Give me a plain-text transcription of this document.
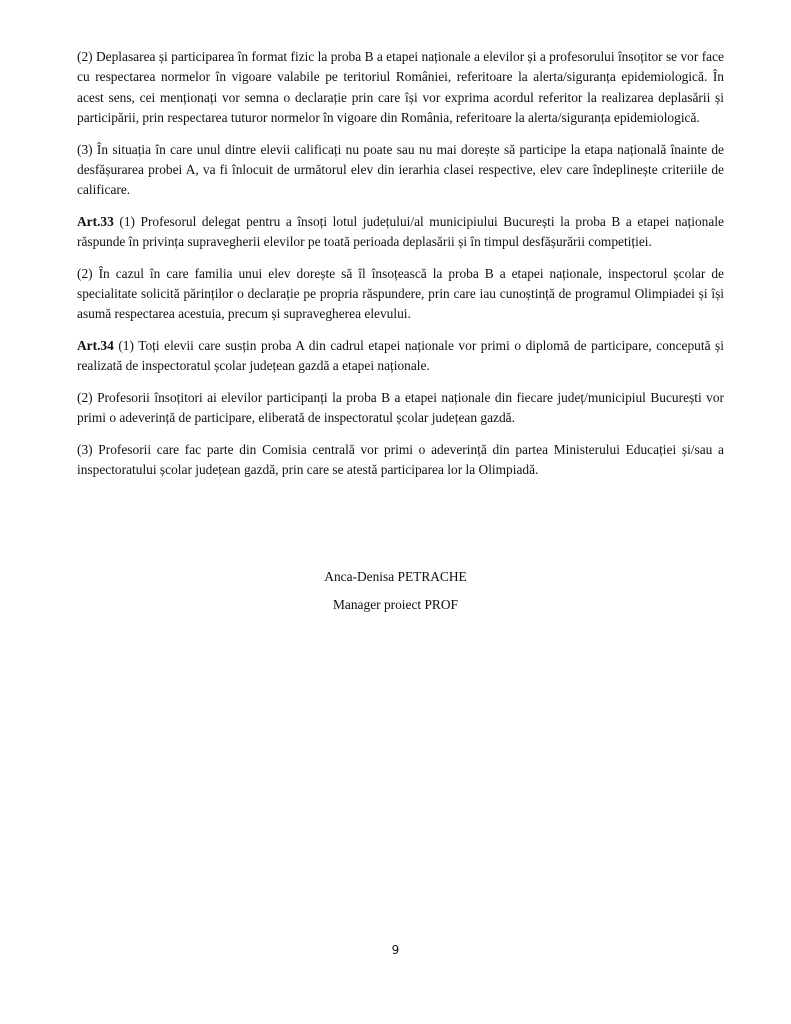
(2) Deplasarea și participarea în format fizic la proba B a etapei naționale a elevilor și a profesorului însoțitor se vor face cu respectarea normelor în vigoare valabile pe teritoriul României, referitoare la alerta/siguranța epidemiologică. În acest sens, cei menționați vor semna o declarație prin care își vor exprima acordul referitor la realizarea deplasării și participării, prin respectarea tuturor normelor în vigoare din România, referitoare la alerta/siguranța epidemiologică.

(3) În situația în care unul dintre elevii calificați nu poate sau nu mai dorește să participe la etapa națională înainte de desfășurarea probei A, va fi înlocuit de următorul elev din ierarhia clasei respective, elev care îndeplinește criteriile de calificare.

Art.33 (1) Profesorul delegat pentru a însoți lotul județului/al municipiului București la proba B a etapei naționale răspunde în privința supravegherii elevilor pe toată perioada deplasării și în timpul desfășurării competiției.

(2) În cazul în care familia unui elev dorește să îl însoțească la proba B a etapei naționale, inspectorul școlar de specialitate solicită părinților o declarație pe propria răspundere, prin care iau cunoștință de programul Olimpiadei și își asumă respectarea acestuia, precum și supravegherea elevului.

Art.34 (1) Toți elevii care susțin proba A din cadrul etapei naționale vor primi o diplomă de participare, concepută și realizată de inspectoratul școlar județean gazdă a etapei naționale.

(2) Profesorii însoțitori ai elevilor participanți la proba B a etapei naționale din fiecare județ/municipiul București vor primi o adeverință de participare, eliberată de inspectoratul școlar județean gazdă.

(3) Profesorii care fac parte din Comisia centrală vor primi o adeverință din partea Ministerului Educației și/sau a inspectoratului școlar județean gazdă, prin care se atestă participarea lor la Olimpiadă.

Anca-Denisa PETRACHE
Manager proiect PROF
9
